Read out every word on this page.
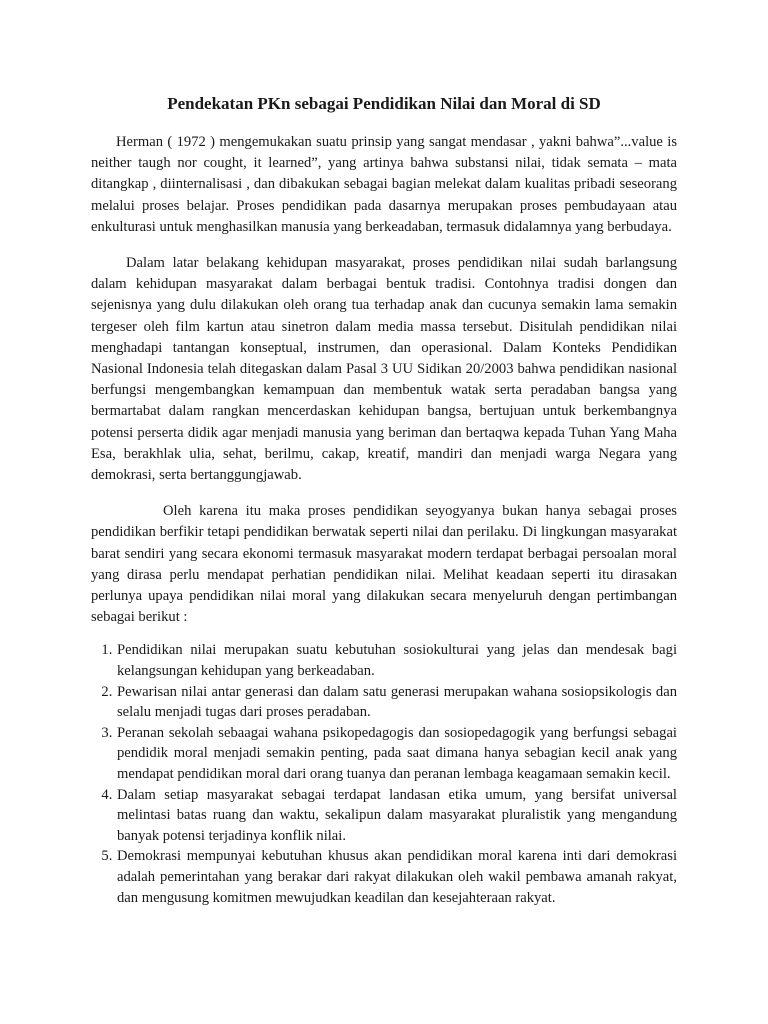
Pendekatan PKn sebagai Pendidikan Nilai dan Moral di SD

Herman ( 1972 ) mengemukakan suatu prinsip yang sangat mendasar , yakni bahwa”...value is neither taugh nor cought, it learned”, yang artinya bahwa substansi nilai, tidak semata – mata ditangkap , diinternalisasi , dan dibakukan sebagai bagian melekat dalam kualitas pribadi seseorang melalui proses belajar. Proses pendidikan pada dasarnya merupakan proses pembudayaan atau enkulturasi untuk menghasilkan manusia yang berkeadaban, termasuk didalamnya yang berbudaya.

Dalam latar belakang kehidupan masyarakat, proses pendidikan nilai sudah barlangsung dalam kehidupan masyarakat dalam berbagai bentuk tradisi. Contohnya tradisi dongen dan sejenisnya yang dulu dilakukan oleh orang tua terhadap anak dan cucunya semakin lama semakin tergeser oleh film kartun atau sinetron dalam media massa tersebut. Disitulah pendidikan nilai menghadapi tantangan konseptual, instrumen, dan operasional. Dalam Konteks Pendidikan Nasional Indonesia telah ditegaskan dalam Pasal 3 UU Sidikan 20/2003 bahwa pendidikan nasional berfungsi mengembangkan kemampuan dan membentuk watak serta peradaban bangsa yang bermartabat dalam rangkan mencerdaskan kehidupan bangsa, bertujuan untuk berkembangnya potensi perserta didik agar menjadi manusia yang beriman dan bertaqwa kepada Tuhan Yang Maha Esa, berakhlak ulia, sehat, berilmu, cakap, kreatif, mandiri dan menjadi warga Negara yang demokrasi, serta bertanggungjawab.

Oleh karena itu maka proses pendidikan seyogyanya bukan hanya sebagai proses pendidikan berfikir tetapi pendidikan berwatak seperti nilai dan perilaku. Di lingkungan masyarakat barat sendiri yang secara ekonomi termasuk masyarakat modern terdapat berbagai persoalan moral yang dirasa perlu mendapat perhatian pendidikan nilai. Melihat keadaan seperti itu dirasakan perlunya upaya pendidikan nilai moral yang dilakukan secara menyeluruh dengan pertimbangan sebagai berikut :

1. Pendidikan nilai merupakan suatu kebutuhan sosiokulturai yang jelas dan mendesak bagi kelangsungan kehidupan yang berkeadaban.
2. Pewarisan nilai antar generasi dan dalam satu generasi merupakan wahana sosiopsikologis dan selalu menjadi tugas dari proses peradaban.
3. Peranan sekolah sebaagai wahana psikopedagogis dan sosiopedagogik yang berfungsi sebagai pendidik moral menjadi semakin penting, pada saat dimana hanya sebagian kecil anak yang mendapat pendidikan moral dari orang tuanya dan peranan lembaga keagamaan semakin kecil.
4. Dalam setiap masyarakat sebagai terdapat landasan etika umum, yang bersifat universal melintasi batas ruang dan waktu, sekalipun dalam masyarakat pluralistik yang mengandung banyak potensi terjadinya konflik nilai.
5. Demokrasi mempunyai kebutuhan khusus akan pendidikan moral karena inti dari demokrasi adalah pemerintahan yang berakar dari rakyat dilakukan oleh wakil pembawa amanah rakyat, dan mengusung komitmen mewujudkan keadilan dan kesejahteraan rakyat.
